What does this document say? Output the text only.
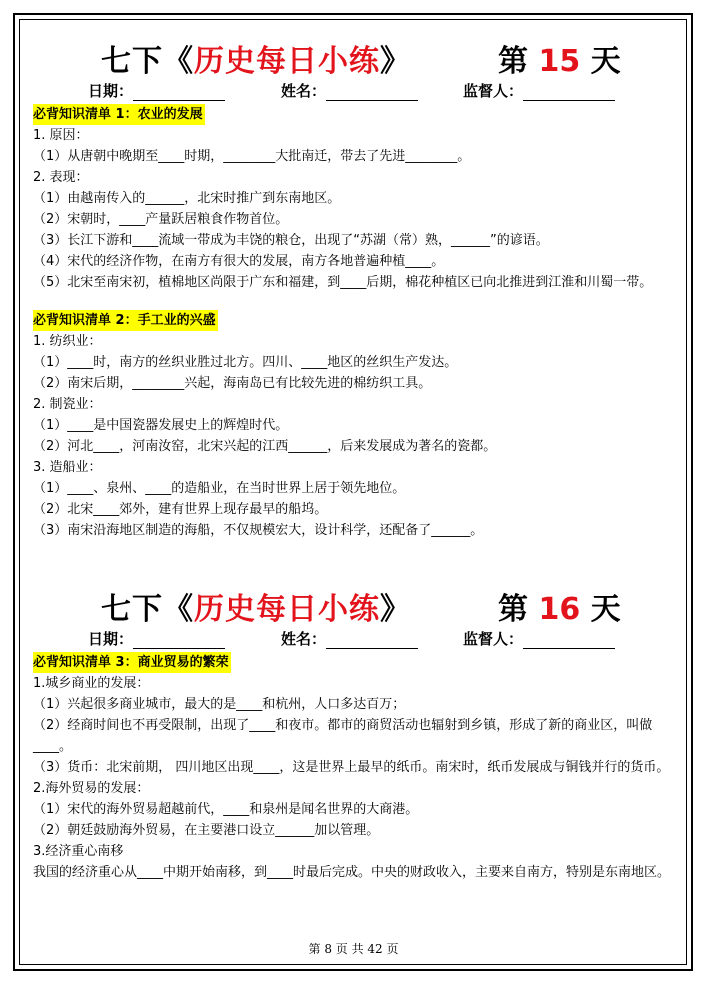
七下《历史每日小练》	第 15 天
日期：	姓名：	监督人：
必背知识清单 1：农业的发展
1. 原因：
（1）从唐朝中晚期至____时期，________大批南迁，带去了先进________。
2. 表现：
（1）由越南传入的______，北宋时推广到东南地区。
（2）宋朝时，____产量跃居粮食作物首位。
（3）长江下游和____流域一带成为丰饶的粮仓，出现了“苏湖（常）熟，______”的谚语。
（4）宋代的经济作物，在南方有很大的发展，南方各地普遍种植____。
（5）北宋至南宋初，植棉地区尚限于广东和福建，到____后期，棉花种植区已向北推进到江淮和川蜀一带。
必背知识清单 2：手工业的兴盛
1. 纺织业：
（1）____时，南方的丝织业胜过北方。四川、____地区的丝织生产发达。
（2）南宋后期，________兴起，海南岛已有比较先进的棉纺织工具。
2. 制瓷业：
（1）____是中国瓷器发展史上的辉煌时代。
（2）河北____，河南汝窑，北宋兴起的江西______，后来发展成为著名的瓷都。
3. 造船业：
（1）____、泉州、____的造船业，在当时世界上居于领先地位。
（2）北宋____郊外，建有世界上现存最早的船坞。
（3）南宋沿海地区制造的海船，不仅规模宏大，设计科学，还配备了______。
七下《历史每日小练》	第 16 天
日期：	姓名：	监督人：
必背知识清单 3：商业贸易的繁荣
1.城乡商业的发展：
（1）兴起很多商业城市，最大的是____和杭州，人口多达百万；
（2）经商时间也不再受限制，出现了____和夜市。都市的商贸活动也辐射到乡镇，形成了新的商业区，叫做____。
（3）货币：北宋前期， 四川地区出现____，这是世界上最早的纸币。南宋时，纸币发展成与铜钱并行的货币。
2.海外贸易的发展：
（1）宋代的海外贸易超越前代，____和泉州是闻名世界的大商港。
（2）朝廷鼓励海外贸易，在主要港口设立______加以管理。
3.经济重心南移
我国的经济重心从____中期开始南移，到____时最后完成。中央的财政收入，主要来自南方，特别是东南地区。
第 8 页 共 42 页
